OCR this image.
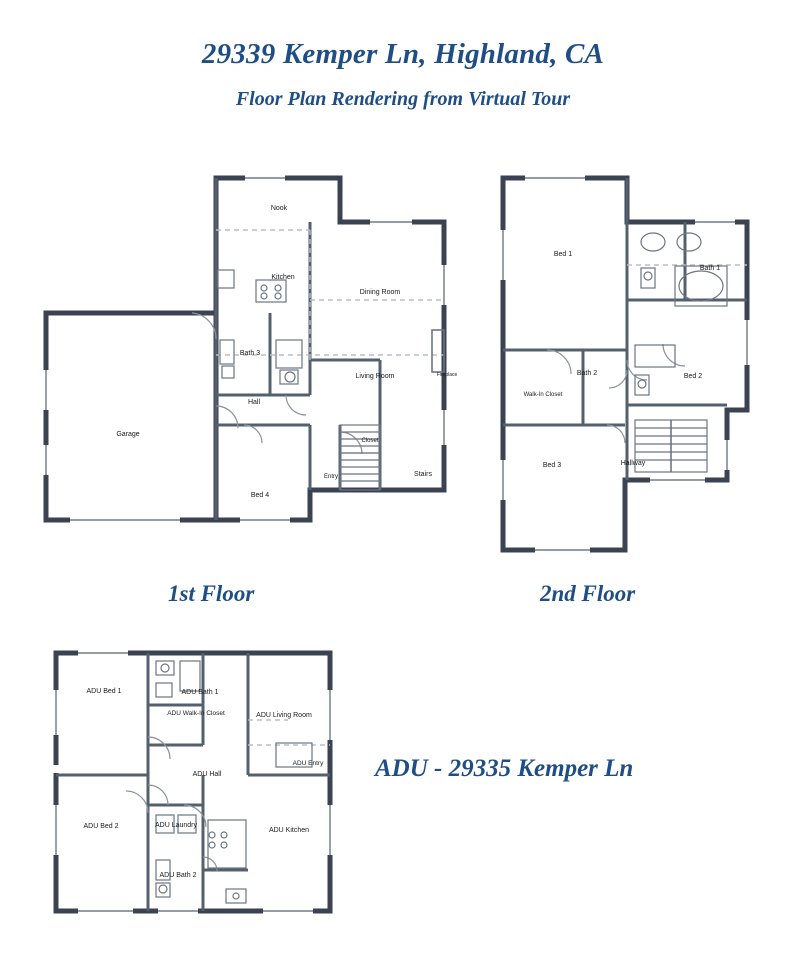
29339 Kemper Ln, Highland, CA
Floor Plan Rendering from Virtual Tour
Nook
Kitchen
Dining Room
Living Room	Fireplace
Bath 3
Hall
Garage
Bed 4
Closet
Entry	Stairs
Bed 1
Bath 1
Bath 2	Bed 2
Walk-In Closet
Bed 3	Hallway
1st Floor	2nd Floor
ADU Bed 1	ADU Bath 1
ADU Walk-In Closet	ADU Living Room
ADU Hall
ADU Entry
ADU Bed 2	ADU Laundry
ADU Kitchen
ADU Bath 2
ADU - 29335 Kemper Ln
